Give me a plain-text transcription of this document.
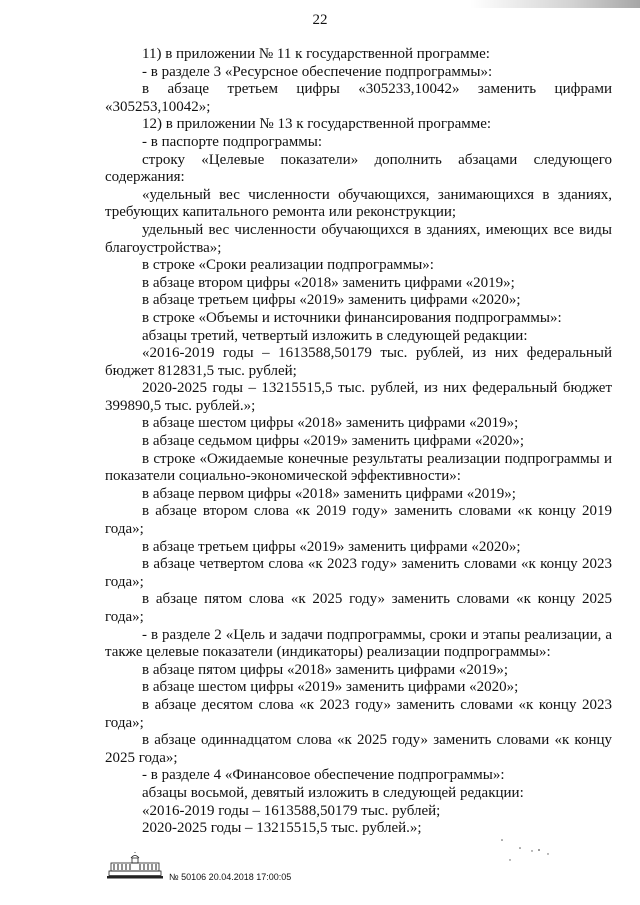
22

11) в приложении № 11 к государственной программе:

- в разделе 3 «Ресурсное обеспечение подпрограммы»:

в абзаце третьем цифры «305233,10042» заменить цифрами «305253,10042»;

12) в приложении № 13 к государственной программе:

- в паспорте подпрограммы:

строку «Целевые показатели» дополнить абзацами следующего содержания:

«удельный вес численности обучающихся, занимающихся в зданиях, требующих капитального ремонта или реконструкции;

удельный вес численности обучающихся в зданиях, имеющих все виды благоустройства»;

в строке «Сроки реализации подпрограммы»:

в абзаце втором цифры «2018» заменить цифрами «2019»;

в абзаце третьем цифры «2019» заменить цифрами «2020»;

в строке «Объемы и источники финансирования подпрограммы»:

абзацы третий, четвертый изложить в следующей редакции:

«2016-2019 годы – 1613588,50179 тыс. рублей, из них федеральный бюджет 812831,5 тыс. рублей;

2020-2025 годы – 13215515,5 тыс. рублей, из них федеральный бюджет 399890,5 тыс. рублей.»;

в абзаце шестом цифры «2018» заменить цифрами «2019»;

в абзаце седьмом цифры «2019» заменить цифрами «2020»;

в строке «Ожидаемые конечные результаты реализации подпрограммы и показатели социально-экономической эффективности»:

в абзаце первом цифры «2018» заменить цифрами «2019»;

в абзаце втором слова «к 2019 году» заменить словами «к концу 2019 года»;

в абзаце третьем цифры «2019» заменить цифрами «2020»;

в абзаце четвертом слова «к 2023 году» заменить словами «к концу 2023 года»;

в абзаце пятом слова «к 2025 году» заменить словами «к концу 2025 года»;

- в разделе 2 «Цель и задачи подпрограммы, сроки и этапы реализации, а также целевые показатели (индикаторы) реализации подпрограммы»:

в абзаце пятом цифры «2018» заменить цифрами «2019»;

в абзаце шестом цифры «2019» заменить цифрами «2020»;

в абзаце десятом слова «к 2023 году» заменить словами «к концу 2023 года»;

в абзаце одиннадцатом слова «к 2025 году» заменить словами «к концу 2025 года»;

- в разделе 4 «Финансовое обеспечение подпрограммы»:

абзацы восьмой, девятый изложить в следующей редакции:

«2016-2019 годы – 1613588,50179 тыс. рублей;

2020-2025 годы – 13215515,5 тыс. рублей.»;

№ 50106 20.04.2018 17:00:05
